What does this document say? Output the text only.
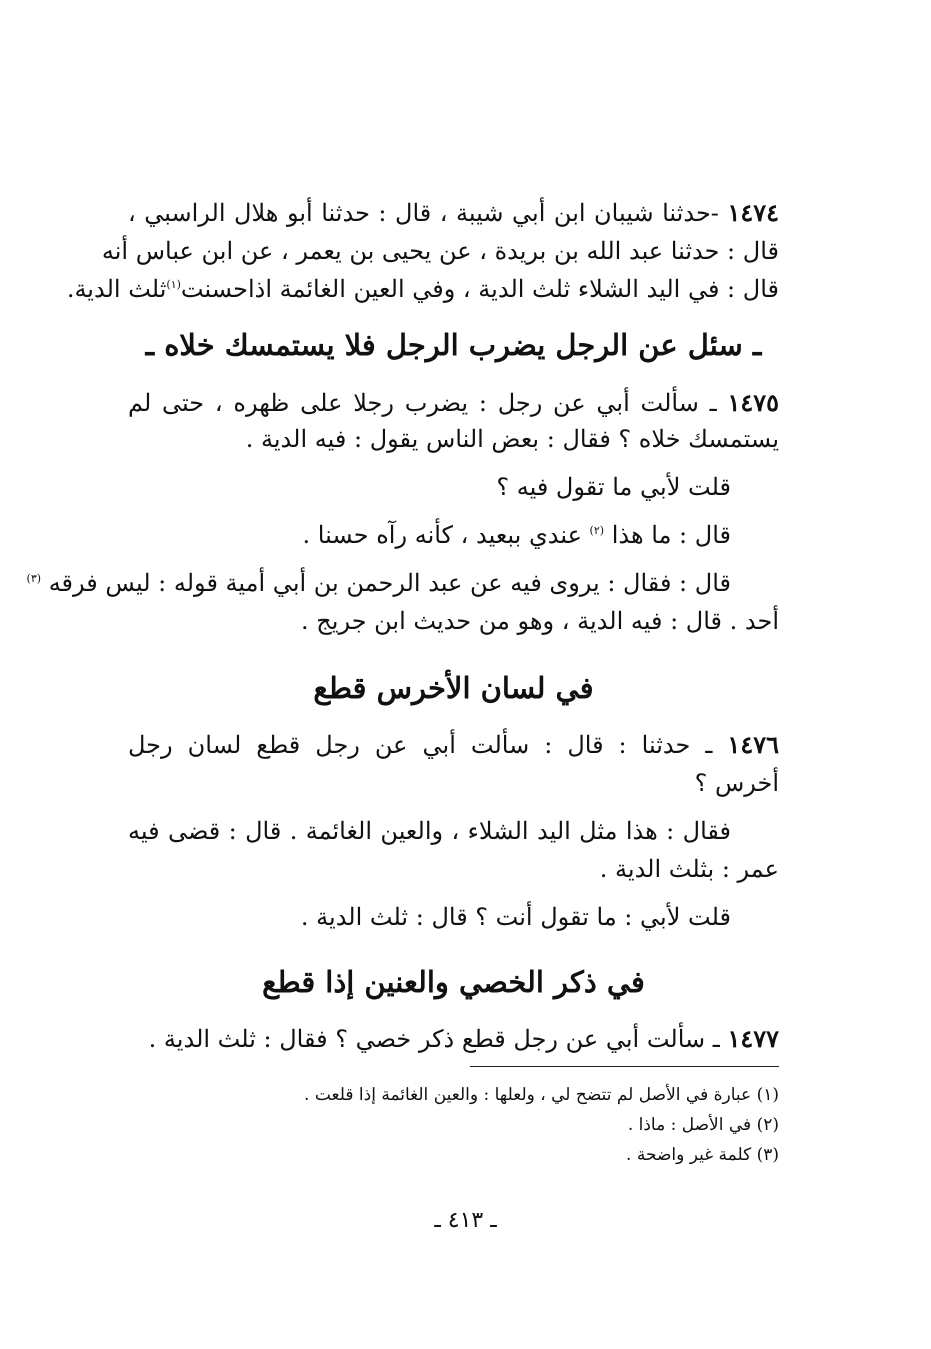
١٤٧٤ -حدثنا شيبان ابن أبي شيبة ، قال : حدثنا أبو هلال الراسبي ،
قال : حدثنا عبد الله بن بريدة ، عن يحيى بن يعمر ، عن ابن عباس أنه
قال : في اليد الشلاء ثلث الدية ، وفي العين الغائمة اذاحسنت$^{(١)}$ثلث الدية.
ـ سئل عن الرجل يضرب الرجل فلا يستمسك خلاه ـ
١٤٧٥ ـ سألت أبي عن رجل : يضرب رجلا على ظهره ، حتى لم
يستمسك خلاه ؟ فقال : بعض الناس يقول : فيه الدية .
قلت لأبي ما تقول فيه ؟
قال : ما هذا $^{(٢)}$ عندي ببعيد ، كأنه رآه حسنا .
قال : فقال : يروى فيه عن عبد الرحمن بن أبي أمية قوله : ليس فرقه $^{(٣)}$
أحد . قال : فيه الدية ، وهو من حديث ابن جريج .
في لسان الأخرس قطع
١٤٧٦ ـ حدثنا : قال : سألت أبي عن رجل قطع لسان رجل
أخرس ؟
فقال : هذا مثل اليد الشلاء ، والعين الغائمة . قال : قضى فيه
عمر : بثلث الدية .
قلت لأبي : ما تقول أنت ؟ قال : ثلث الدية .
في ذكر الخصي والعنين إذا قطع
١٤٧٧ ـ سألت أبي عن رجل قطع ذكر خصي ؟ فقال : ثلث الدية .
(١) عبارة في الأصل لم تتضح لي ، ولعلها : والعين الغائمة إذا قلعت .
(٢) في الأصل : ماذا .
(٣) كلمة غير واضحة .
ـ ٤١٣ ـ
